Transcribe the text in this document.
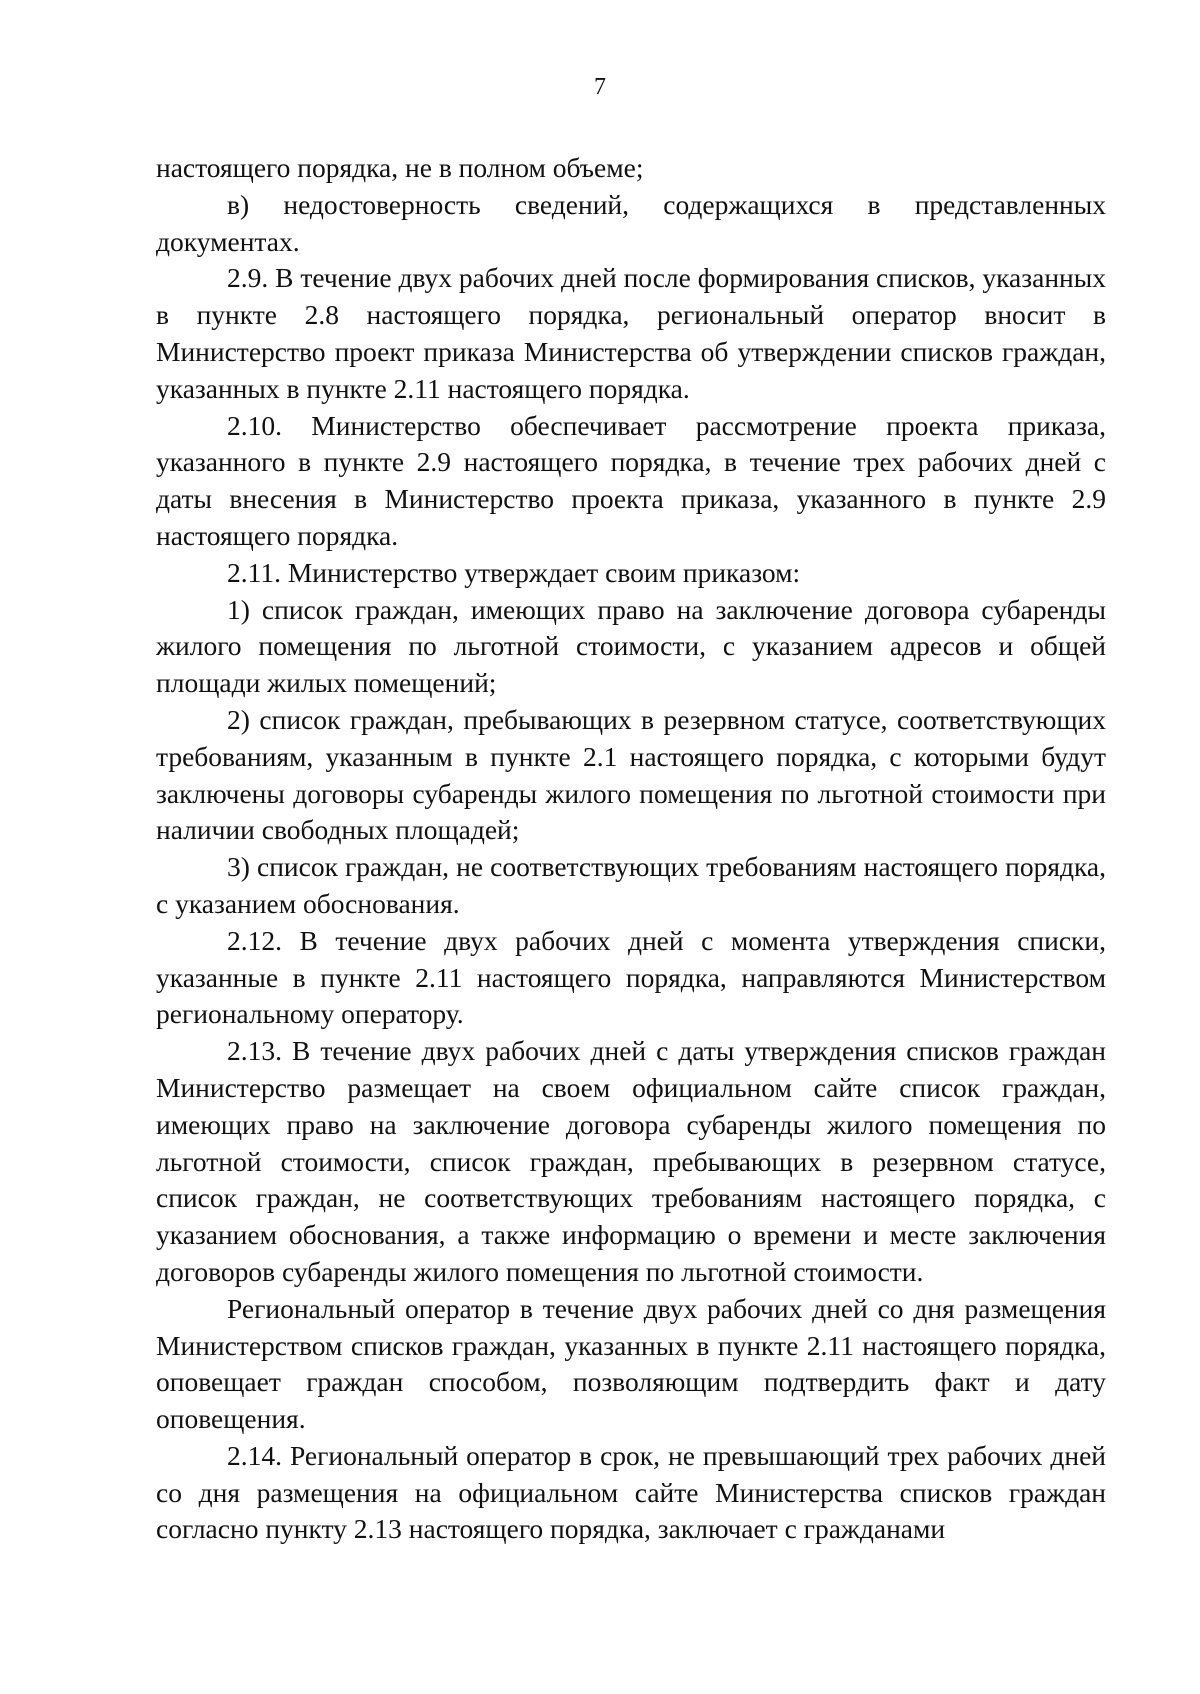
7

настоящего порядка, не в полном объеме;

в) недостоверность сведений, содержащихся в представленных документах.

2.9. В течение двух рабочих дней после формирования списков, указанных в пункте 2.8 настоящего порядка, региональный оператор вносит в Министерство проект приказа Министерства об утверждении списков граждан, указанных в пункте 2.11 настоящего порядка.

2.10. Министерство обеспечивает рассмотрение проекта приказа, указанного в пункте 2.9 настоящего порядка, в течение трех рабочих дней с даты внесения в Министерство проекта приказа, указанного в пункте 2.9 настоящего порядка.

2.11. Министерство утверждает своим приказом:

1) список граждан, имеющих право на заключение договора субаренды жилого помещения по льготной стоимости, с указанием адресов и общей площади жилых помещений;

2) список граждан, пребывающих в резервном статусе, соответствующих требованиям, указанным в пункте 2.1 настоящего порядка, с которыми будут заключены договоры субаренды жилого помещения по льготной стоимости при наличии свободных площадей;

3) список граждан, не соответствующих требованиям настоящего порядка, с указанием обоснования.

2.12. В течение двух рабочих дней с момента утверждения списки, указанные в пункте 2.11 настоящего порядка, направляются Министерством региональному оператору.

2.13. В течение двух рабочих дней с даты утверждения списков граждан Министерство размещает на своем официальном сайте список граждан, имеющих право на заключение договора субаренды жилого помещения по льготной стоимости, список граждан, пребывающих в резервном статусе, список граждан, не соответствующих требованиям настоящего порядка, с указанием обоснования, а также информацию о времени и месте заключения договоров субаренды жилого помещения по льготной стоимости.

Региональный оператор в течение двух рабочих дней со дня размещения Министерством списков граждан, указанных в пункте 2.11 настоящего порядка, оповещает граждан способом, позволяющим подтвердить факт и дату оповещения.

2.14. Региональный оператор в срок, не превышающий трех рабочих дней со дня размещения на официальном сайте Министерства списков граждан согласно пункту 2.13 настоящего порядка, заключает с гражданами
